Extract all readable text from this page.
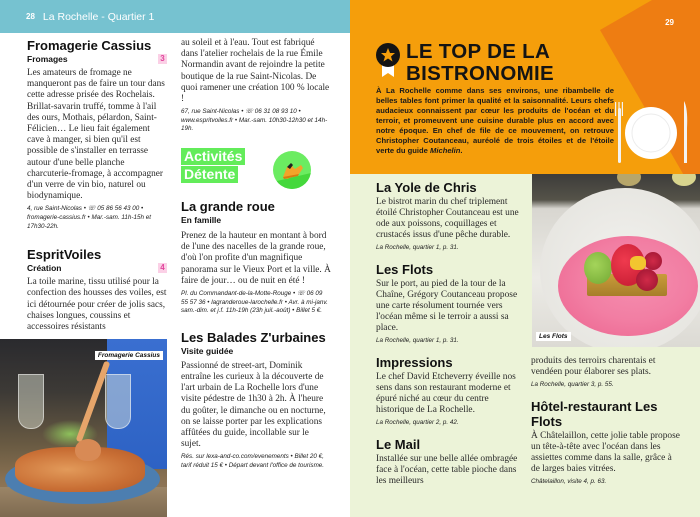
28 La Rochelle - Quartier 1
Fromagerie Cassius
Fromages	3
Les amateurs de fromage ne manqueront pas de faire un tour dans cette adresse prisée des Rochelais. Brillat-savarin truffé, tomme à l'ail des ours, Mothais, pélardon, Saint-Félicien… Le lieu fait également cave à manger, si bien qu'il est possible de s'installer en terrasse autour d'une belle planche charcuterie-fromage, à accompagner d'un verre de vin bio, naturel ou biodynamique.
4, rue Saint-Nicolas • ☏ 05 86 56 43 00 • fromagerie-cassius.fr • Mar.-sam. 11h-15h et 17h30-22h.
EspritVoiles
Création	4
La toile marine, tissu utilisé pour la confection des housses des voiles, est ici détournée pour créer de jolis sacs, chaises longues, coussins et accessoires résistants
au soleil et à l'eau. Tout est fabriqué dans l'atelier rochelais de la rue Émile Normandin avant de rejoindre la petite boutique de la rue Saint-Nicolas. De quoi ramener une création 100 % locale !
67, rue Saint-Nicolas • ☏ 06 31 08 93 10 • www.espritvoiles.fr • Mar.-sam. 10h30-12h30 et 14h-19h.
Activités
Détente
La grande roue
En famille
Prenez de la hauteur en montant à bord de l'une des nacelles de la grande roue, d'où l'on profite d'un magnifique panorama sur le Vieux Port et la ville. À faire de jour… ou de nuit en été !
Pl. du Commandant-de-la-Motte-Rouge • ☏ 06 09 55 57 36 • lagranderoue-larochelle.fr • Avr. à mi-janv. sam.-dim. et j.f. 11h-19h (23h juil.-août) • Billet 5 €.
Les Balades Z'urbaines
Visite guidée
Passionné de street-art, Dominik entraîne les curieux à la découverte de l'art urbain de La Rochelle lors d'une visite pédestre de 1h30 à 2h. À l'heure du goûter, le dimanche ou en nocturne, on se laisse porter par les explications affûtées du guide, incollable sur le sujet.
Rés. sur lexa-and-co.com/evenements • Billet 20 €, tarif réduit 15 € • Départ devant l'office de tourisme.
Fromagerie Cassius
29
LE TOP DE LA
BISTRONOMIE
À La Rochelle comme dans ses environs, une ribambelle de belles tables font primer la qualité et la saisonnalité. Leurs chefs audacieux connaissent par cœur les produits de l'océan et du terroir, et promeuvent une cuisine durable plus en accord avec notre époque. En chef de file de ce mouvement, on retrouve Christopher Coutanceau, auréolé de trois étoiles et de l'étoile verte du guide Michelin.
Les Flots
La Yole de Chris
Le bistrot marin du chef triplement étoilé Christopher Coutanceau est une ode aux poissons, coquillages et crustacés issus d'une pêche durable.
La Rochelle, quartier 1, p. 31.
Les Flots
Sur le port, au pied de la tour de la Chaîne, Grégory Coutanceau propose une carte résolument tournée vers l'océan même si le terroir a aussi sa place.
La Rochelle, quartier 1, p. 31.
Impressions
Le chef David Etcheverry éveille nos sens dans son restaurant moderne et épuré niché au cœur du centre historique de La Rochelle.
La Rochelle, quartier 2, p. 42.
Le Mail
Installée sur une belle allée ombragée face à l'océan, cette table pioche dans les meilleurs
produits des terroirs charentais et vendéen pour élaborer ses plats.
La Rochelle, quartier 3, p. 55.
Hôtel-restaurant Les Flots
À Châtelaillon, cette jolie table propose un tête-à-tête avec l'océan dans les assiettes comme dans la salle, grâce à de larges baies vitrées.
Châtelaillon, visite 4, p. 63.
